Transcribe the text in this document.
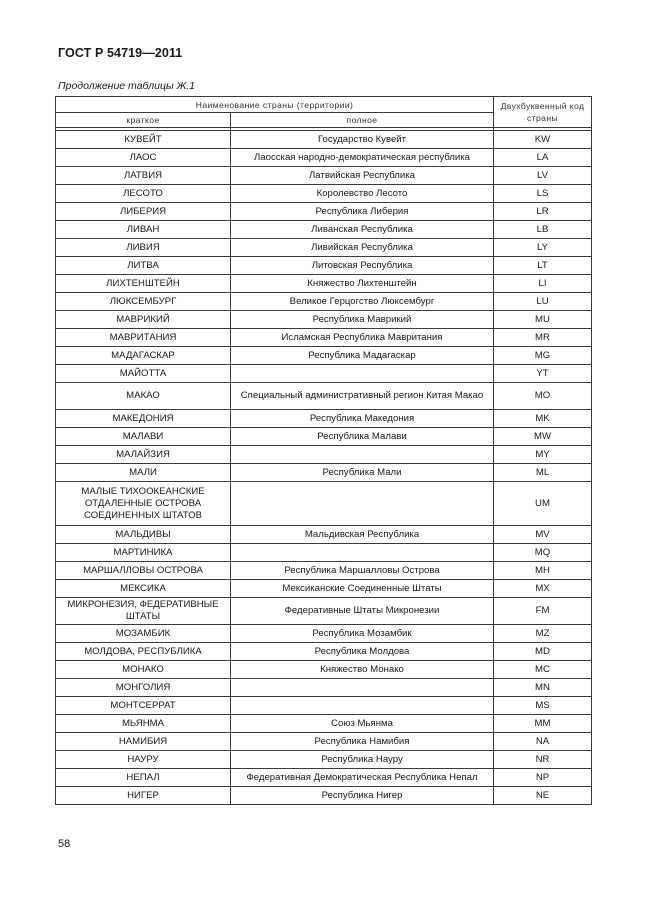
ГОСТ Р 54719—2011
Продолжение таблицы Ж.1
Наименование страны (территории)		Двухбуквенный код страны
краткое	полное	

КУВЕЙТ	Государство Кувейт	KW
ЛАОС	Лаосская народно-демократическая республика	LA
ЛАТВИЯ	Латвийская Республика	LV
ЛЕСОТО	Королевство Лесото	LS
ЛИБЕРИЯ	Республика Либерия	LR
ЛИВАН	Ливанская Республика	LB
ЛИВИЯ	Ливийская Республика	LY
ЛИТВА	Литовская Республика	LT
ЛИХТЕНШТЕЙН	Княжество Лихтенштейн	LI
ЛЮКСЕМБУРГ	Великое Герцогство Люксембург	LU
МАВРИКИЙ	Республика Маврикий	MU
МАВРИТАНИЯ	Исламская Республика Мавритания	MR
МАДАГАСКАР	Республика Мадагаскар	MG
МАЙОТТА		YT
МАКАО	Специальный административный регион Китая Макао	MO
МАКЕДОНИЯ	Республика Македония	MK
МАЛАВИ	Республика Малави	MW
МАЛАЙЗИЯ		MY
МАЛИ	Республика Мали	ML
МАЛЫЕ ТИХООКЕАНСКИЕ ОТДАЛЕННЫЕ ОСТРОВА СОЕДИНЕННЫХ ШТАТОВ		UM
МАЛЬДИВЫ	Мальдивская Республика	MV
МАРТИНИКА		MQ
МАРШАЛЛОВЫ ОСТРОВА	Республика Маршалловы Острова	MH
МЕКСИКА	Мексиканские Соединенные Штаты	MX
МИКРОНЕЗИЯ, ФЕДЕРАТИВНЫЕ ШТАТЫ	Федеративные Штаты Микронезии	FM
МОЗАМБИК	Республика Мозамбик	MZ
МОЛДОВА, РЕСПУБЛИКА	Республика Молдова	MD
МОНАКО	Княжество Монако	MC
МОНГОЛИЯ		MN
МОНТСЕРРАТ		MS
МЬЯНМА	Союз Мьянма	MM
НАМИБИЯ	Республика Намибия	NA
НАУРУ	Республика Науру	NR
НЕПАЛ	Федеративная Демократическая Республика Непал	NP
НИГЕР	Республика Нигер	NE
58
